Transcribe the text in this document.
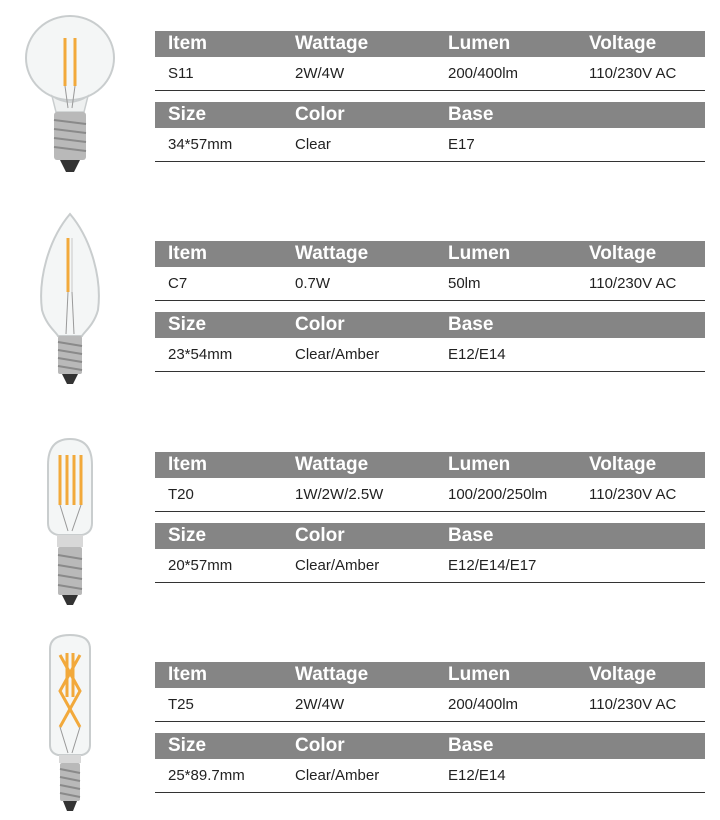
Item	Wattage	Lumen	Voltage
S11	2W/4W	200/400lm	110/230V AC
Size	Color	Base
34*57mm	Clear	E17
Item	Wattage	Lumen	Voltage
C7	0.7W	50lm	110/230V AC
Size	Color	Base
23*54mm	Clear/Amber	E12/E14
Item	Wattage	Lumen	Voltage
T20	1W/2W/2.5W	100/200/250lm	110/230V AC
Size	Color	Base
20*57mm	Clear/Amber	E12/E14/E17
Item	Wattage	Lumen	Voltage
T25	2W/4W	200/400lm	110/230V AC
Size	Color	Base
25*89.7mm	Clear/Amber	E12/E14
